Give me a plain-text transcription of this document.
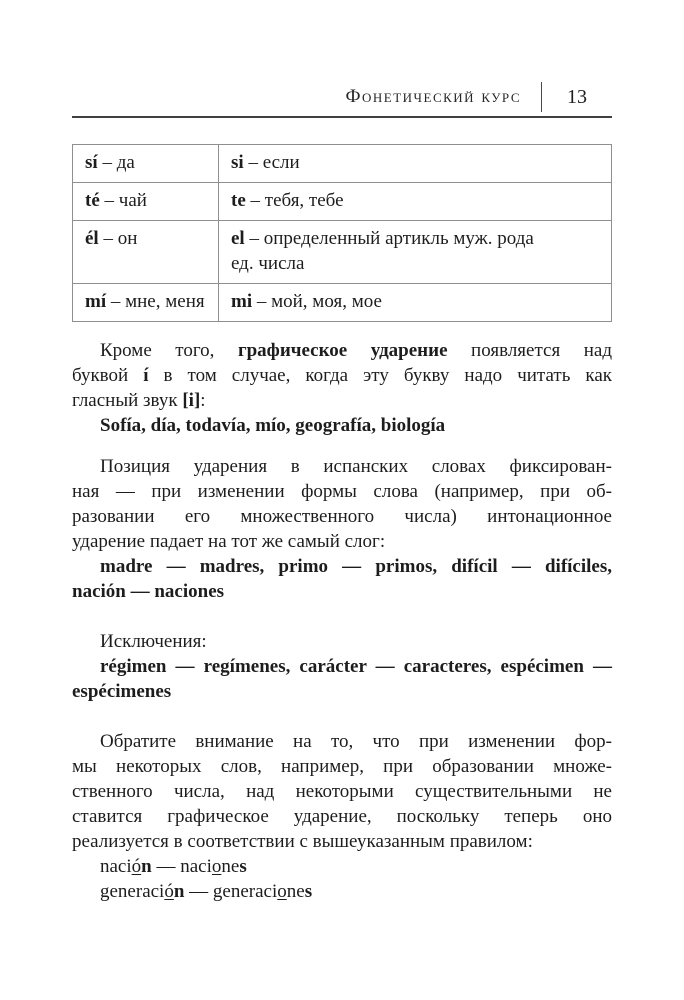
Фонетический курс	13
sí – да	si – если
té – чай	te – тебя, тебе
él – он	el – определенный артикль муж. рода
ед. числа
mí – мне, меня	mi – мой, моя, мое
Кроме того, графическое ударение появляется над
буквой í в том случае, когда эту букву надо читать как
гласный звук [i]:
Sofía, día, todavía, mío, geografía, biología
Позиция ударения в испанских словах фиксирован-
ная — при изменении формы слова (например, при об-
разовании его множественного числа) интонационное
ударение падает на тот же самый слог:
madre — madres, primo — primos, difícil — difíciles,
nación — naciones
Исключения:
régimen — regímenes, carácter — caracteres, espécimen —
espécimenes
Обратите внимание на то, что при изменении фор-
мы некоторых слов, например, при образовании множе-
ственного числа, над некоторыми существительными не
ставится графическое ударение, поскольку теперь оно
реализуется в соответствии с вышеуказанным правилом:
nación — naciones
generación — generaciones
